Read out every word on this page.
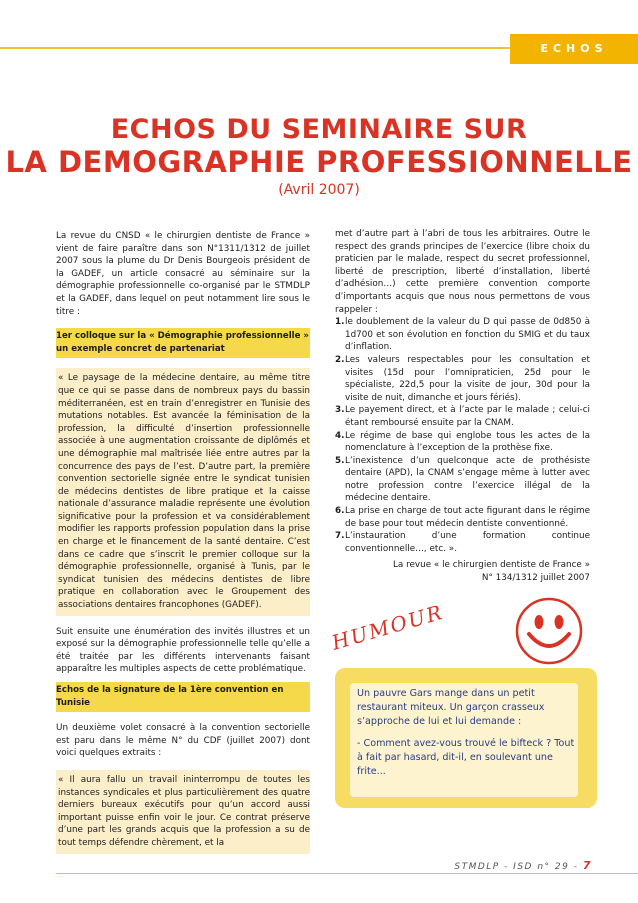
ECHOS
ECHOS DU SEMINAIRE SUR
LA DEMOGRAPHIE PROFESSIONNELLE
(Avril 2007)

La revue du CNSD « le chirurgien dentiste de France » vient de faire paraître dans son N°1311/1312 de juillet 2007 sous la plume du Dr Denis Bourgeois président de la GADEF, un article consacré au séminaire sur la démographie professionnelle co-organisé par le STMDLP et la GADEF, dans lequel on peut notamment lire sous le titre :

1er colloque sur la « Démographie professionnelle » un exemple concret de partenariat
« Le paysage de la médecine dentaire, au même titre que ce qui se passe dans de nombreux pays du bassin méditerranéen, est en train d’enregistrer en Tunisie des mutations notables. Est avancée la féminisation de la profession, la difficulté d’insertion professionnelle associée à une augmentation croissante de diplômés et une démographie mal maîtrisée liée entre autres par la concurrence des pays de l’est. D’autre part, la première convention sectorielle signée entre le syndicat tunisien de médecins dentistes de libre pratique et la caisse nationale d’assurance maladie représente une évolution significative pour la profession et va considérablement modifier les rapports profession population dans la prise en charge et le financement de la santé dentaire. C’est dans ce cadre que s’inscrit le premier colloque sur la démographie professionnelle, organisé à Tunis, par le syndicat tunisien des médecins dentistes de libre pratique en collaboration avec le Groupement des associations dentaires francophones (GADEF).

Suit ensuite une énumération des invités illustres et un exposé sur la démographie professionnelle telle qu’elle a été traitée par les différents intervenants faisant apparaître les multiples aspects de cette problématique.

Echos de la signature de la 1ère convention en Tunisie

Un deuxième volet consacré à la convention sectorielle est paru dans le même N° du CDF (juillet 2007) dont voici quelques extraits :

« Il aura fallu un travail ininterrompu de toutes les instances syndicales et plus particulièrement des quatre derniers bureaux exécutifs pour qu’un accord aussi important puisse enfin voir le jour. Ce contrat préserve d’une part les grands acquis que la profession a su de tout temps défendre chèrement, et la

met d’autre part à l’abri de tous les arbitraires. Outre le respect des grands principes de l’exercice (libre choix du praticien par le malade, respect du secret professionnel, liberté de prescription, liberté d’installation, liberté d’adhésion…) cette première convention comporte d’importants acquis que nous nous permettons de vous rappeler :

1. le doublement de la valeur du D qui passe de 0d850 à 1d700 et son évolution en fonction du SMIG et du taux d’inflation.
2. Les valeurs respectables pour les consultation et visites (15d pour l’omnipraticien, 25d pour le spécialiste, 22d,5 pour la visite de jour, 30d pour la visite de nuit, dimanche et jours fériés).
3. Le payement direct, et à l’acte par le malade ; celui-ci étant remboursé ensuite par la CNAM.
4. Le régime de base qui englobe tous les actes de la nomenclature à l’exception de la prothèse fixe.
5. L’inexistence d’un quelconque acte de prothésiste dentaire (APD), la CNAM s’engage même à lutter avec notre profession contre l’exercice illégal de la médecine dentaire.
6. La prise en charge de tout acte figurant dans le régime de base pour tout médecin dentiste conventionné.
7. L’instauration d’une formation continue conventionnelle…, etc. ».
La revue « le chirurgien dentiste de France »
N° 134/1312 juillet 2007
HUMOUR

Un pauvre Gars mange dans un petit restaurant miteux. Un garçon crasseux s’approche de lui et lui demande :

- Comment avez-vous trouvé le bifteck ? Tout à fait par hasard, dit-il, en soulevant une frite...

STMDLP - ISD n° 29 - 7
